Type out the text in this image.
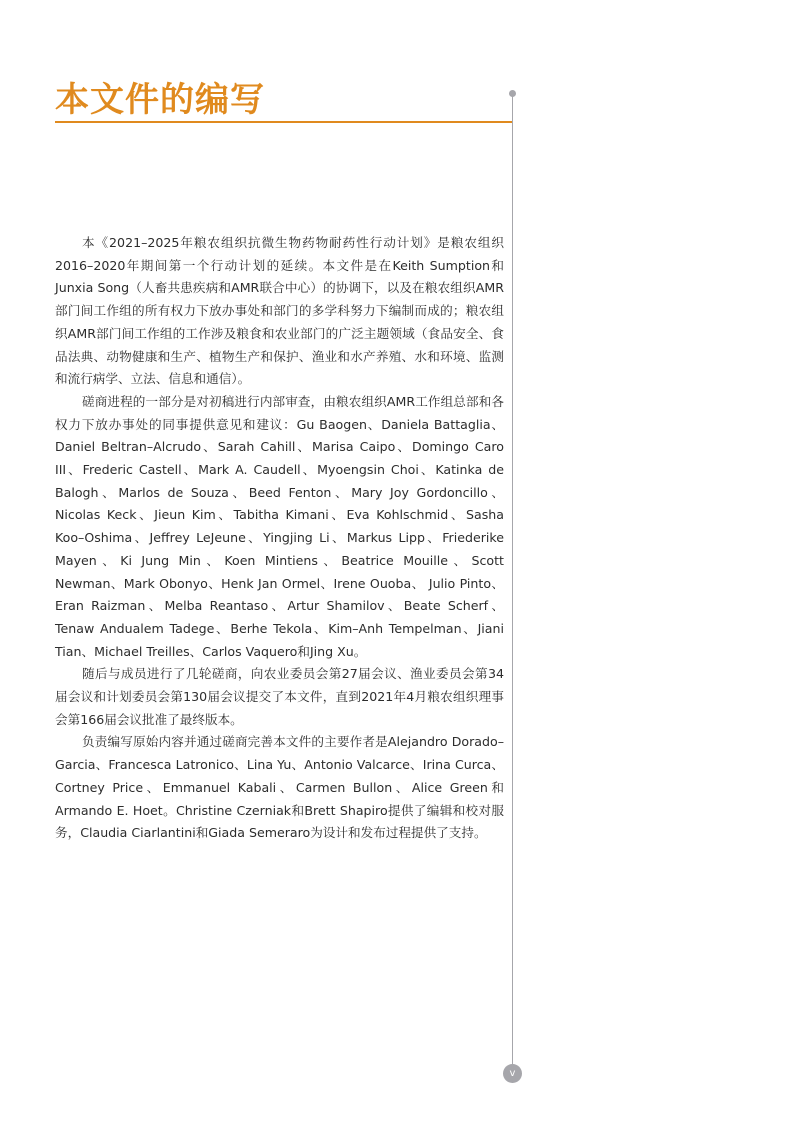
本文件的编写

本《2021–2025年粮农组织抗微生物药物耐药性行动计划》是粮农组织2016–2020年期间第一个行动计划的延续。本文件是在Keith Sumption和Junxia Song（人畜共患疾病和AMR联合中心）的协调下，以及在粮农组织AMR部门间工作组的所有权力下放办事处和部门的多学科努力下编制而成的；粮农组织AMR部门间工作组的工作涉及粮食和农业部门的广泛主题领域（食品安全、食品法典、动物健康和生产、植物生产和保护、渔业和水产养殖、水和环境、监测和流行病学、立法、信息和通信）。

磋商进程的一部分是对初稿进行内部审查，由粮农组织AMR工作组总部和各权力下放办事处的同事提供意见和建议：Gu Baogen、Daniela Battaglia、Daniel Beltran–Alcrudo、Sarah Cahill、Marisa Caipo、Domingo Caro III、Frederic Castell、Mark A. Caudell、Myoengsin Choi、Katinka de Balogh、Marlos de Souza、Beed Fenton、Mary Joy Gordoncillo、Nicolas Keck、Jieun Kim、Tabitha Kimani、Eva Kohlschmid、Sasha Koo–Oshima、Jeffrey LeJeune、Yingjing Li、Markus Lipp、Friederike Mayen、Ki Jung Min、Koen Mintiens、Beatrice Mouille、Scott Newman、Mark Obonyo、Henk Jan Ormel、Irene Ouoba、 Julio Pinto、Eran Raizman、Melba Reantaso、Artur Shamilov、Beate Scherf、Tenaw Andualem Tadege、Berhe Tekola、Kim–Anh Tempelman、Jiani Tian、Michael Treilles、Carlos Vaquero和Jing Xu。

随后与成员进行了几轮磋商，向农业委员会第27届会议、渔业委员会第34届会议和计划委员会第130届会议提交了本文件，直到2021年4月粮农组织理事会第166届会议批准了最终版本。

负责编写原始内容并通过磋商完善本文件的主要作者是Alejandro Dorado–Garcia、Francesca Latronico、Lina Yu、Antonio Valcarce、Irina Curca、Cortney Price、Emmanuel Kabali、Carmen Bullon、Alice Green和Armando E. Hoet。Christine Czerniak和Brett Shapiro提供了编辑和校对服务，Claudia Ciarlantini和Giada Semeraro为设计和发布过程提供了支持。

v
